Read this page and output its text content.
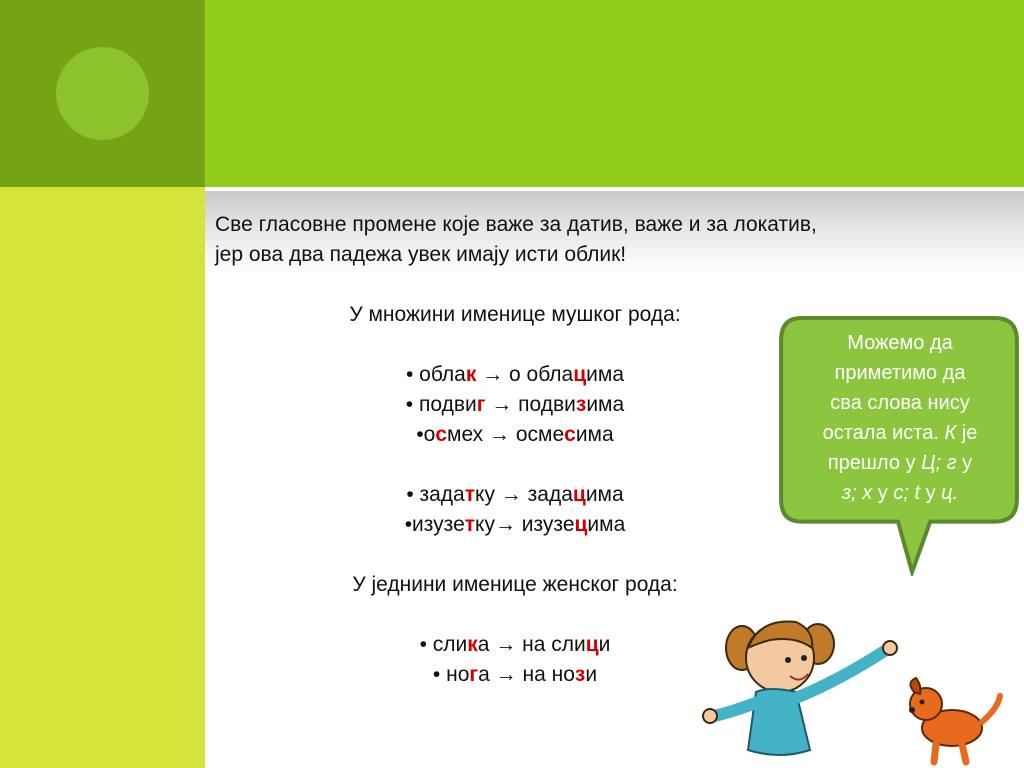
Све гласовне промене које важе за датив, важе и за локатив,
јер ова два падежа увек имају исти облик!
У множини именице мушког рода:
• облак → о облацима
• подвиг → подвизима
•осмех → осмесима
• задатку → задацима
•изузетку→ изузецима
У једнини именице женског рода:
• слика → на слици
• нога → на нози
Можемо да
приметимо да
сва слова нису
остала иста. К је
прешло у Ц; г у
з; х у с; t у ц.
